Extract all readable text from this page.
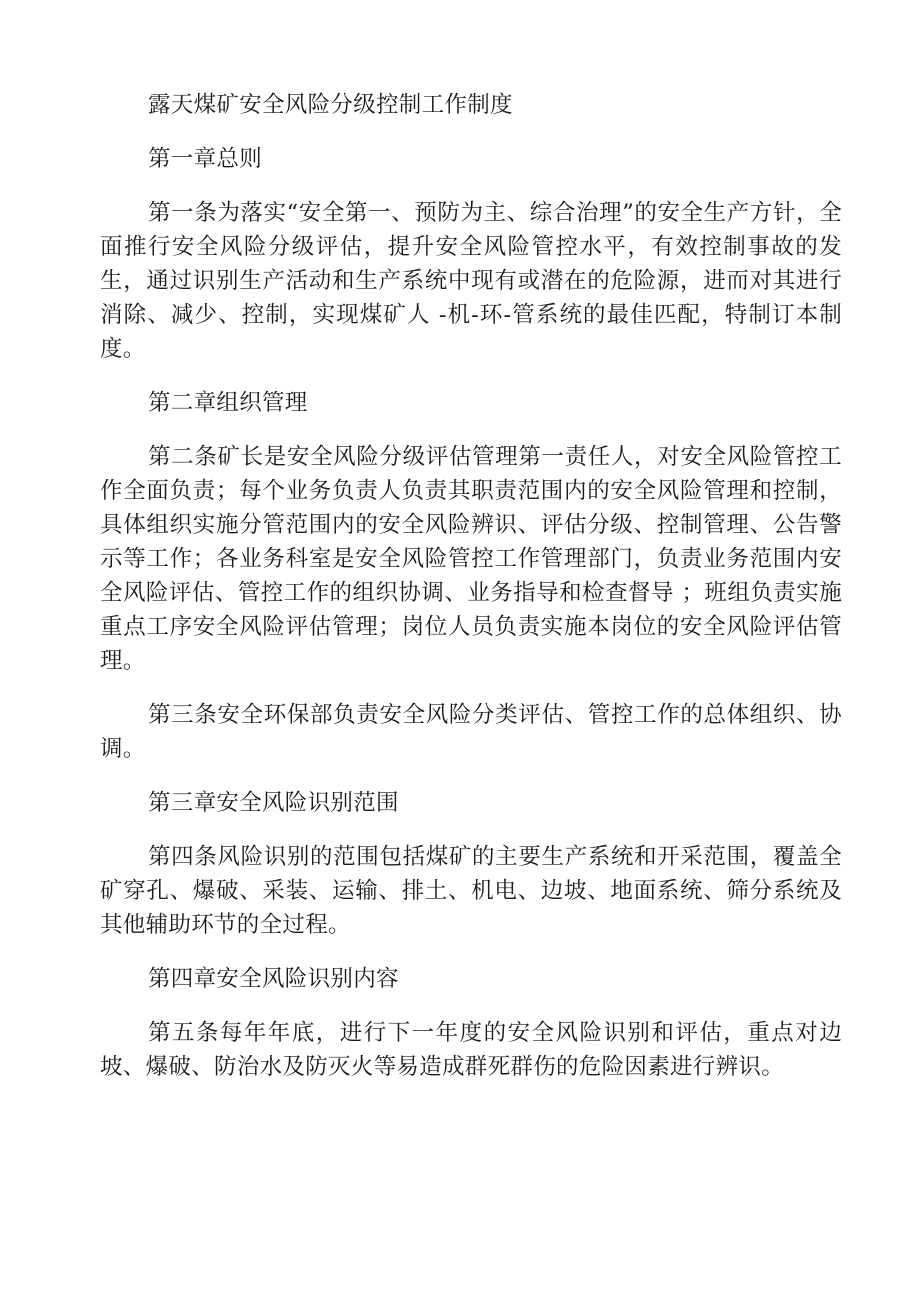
露天煤矿安全风险分级控制工作制度

第一章总则

第一条为落实“安全第一、预防为主、综合治理”的安全生产方针，全面推行安全风险分级评估，提升安全风险管控水平，有效控制事故的发生，通过识别生产活动和生产系统中现有或潜在的危险源，进而对其进行消除、减少、控制，实现煤矿人 -机-环-管系统的最佳匹配，特制订本制度。

第二章组织管理

第二条矿长是安全风险分级评估管理第一责任人，对安全风险管控工作全面负责；每个业务负责人负责其职责范围内的安全风险管理和控制，具体组织实施分管范围内的安全风险辨识、评估分级、控制管理、公告警示等工作；各业务科室是安全风险管控工作管理部门，负责业务范围内安全风险评估、管控工作的组织协调、业务指导和检查督导 ；班组负责实施重点工序安全风险评估管理；岗位人员负责实施本岗位的安全风险评估管理。

第三条安全环保部负责安全风险分类评估、管控工作的总体组织、协调。

第三章安全风险识别范围

第四条风险识别的范围包括煤矿的主要生产系统和开采范围，覆盖全矿穿孔、爆破、采装、运输、排土、机电、边坡、地面系统、筛分系统及其他辅助环节的全过程。

第四章安全风险识别内容

第五条每年年底，进行下一年度的安全风险识别和评估，重点对边坡、爆破、防治水及防灭火等易造成群死群伤的危险因素进行辨识。
